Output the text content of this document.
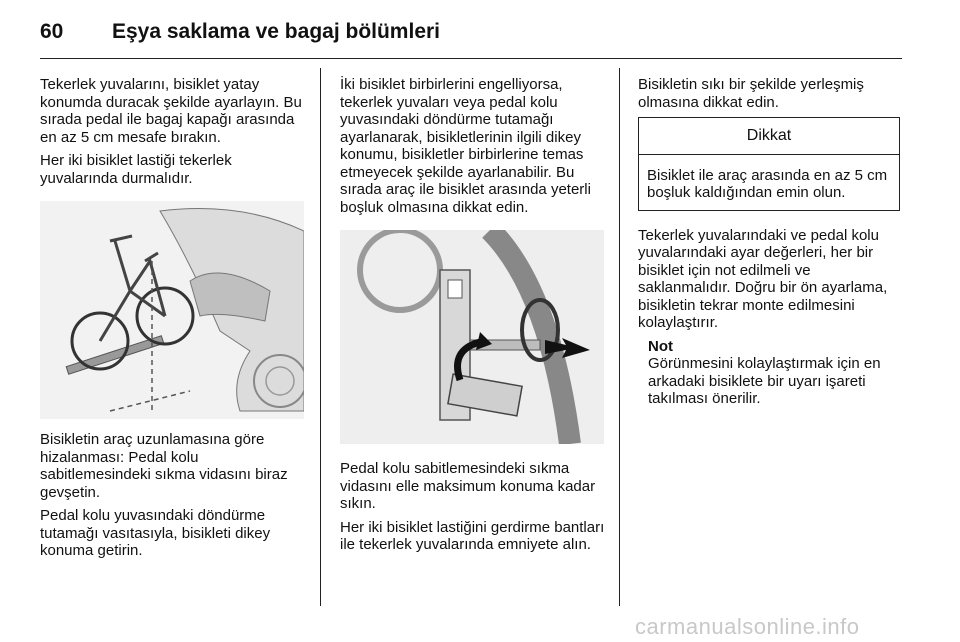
60 Eşya saklama ve bagaj bölümleri

Tekerlek yuvalarını, bisiklet yatay konumda duracak şekilde ayarlayın. Bu sırada pedal ile bagaj kapağı arasında en az 5 cm mesafe bırakın.

Her iki bisiklet lastiği tekerlek yuvalarında durmalıdır.

Bisikletin araç uzunlamasına göre hizalanması: Pedal kolu sabitlemesindeki sıkma vidasını biraz gevşetin.

Pedal kolu yuvasındaki döndürme tutamağı vasıtasıyla, bisikleti dikey konuma getirin.

İki bisiklet birbirlerini engelliyorsa, tekerlek yuvaları veya pedal kolu yuvasındaki döndürme tutamağı ayarlanarak, bisikletlerinin ilgili dikey konumu, bisikletler birbirlerine temas etmeyecek şekilde ayarlanabilir. Bu sırada araç ile bisiklet arasında yeterli boşluk olmasına dikkat edin.

Pedal kolu sabitlemesindeki sıkma vidasını elle maksimum konuma kadar sıkın.

Her iki bisiklet lastiğini gerdirme bantları ile tekerlek yuvalarında emniyete alın.

Bisikletin sıkı bir şekilde yerleşmiş olmasına dikkat edin.

Dikkat
Bisiklet ile araç arasında en az 5 cm boşluk kaldığından emin olun.

Tekerlek yuvalarındaki ve pedal kolu yuvalarındaki ayar değerleri, her bir bisiklet için not edilmeli ve saklanmalıdır. Doğru bir ön ayarlama, bisikletin tekrar monte edilmesini kolaylaştırır.

Not
Görünmesini kolaylaştırmak için en arkadaki bisiklete bir uyarı işareti takılması önerilir.
carmanualsonline.info
